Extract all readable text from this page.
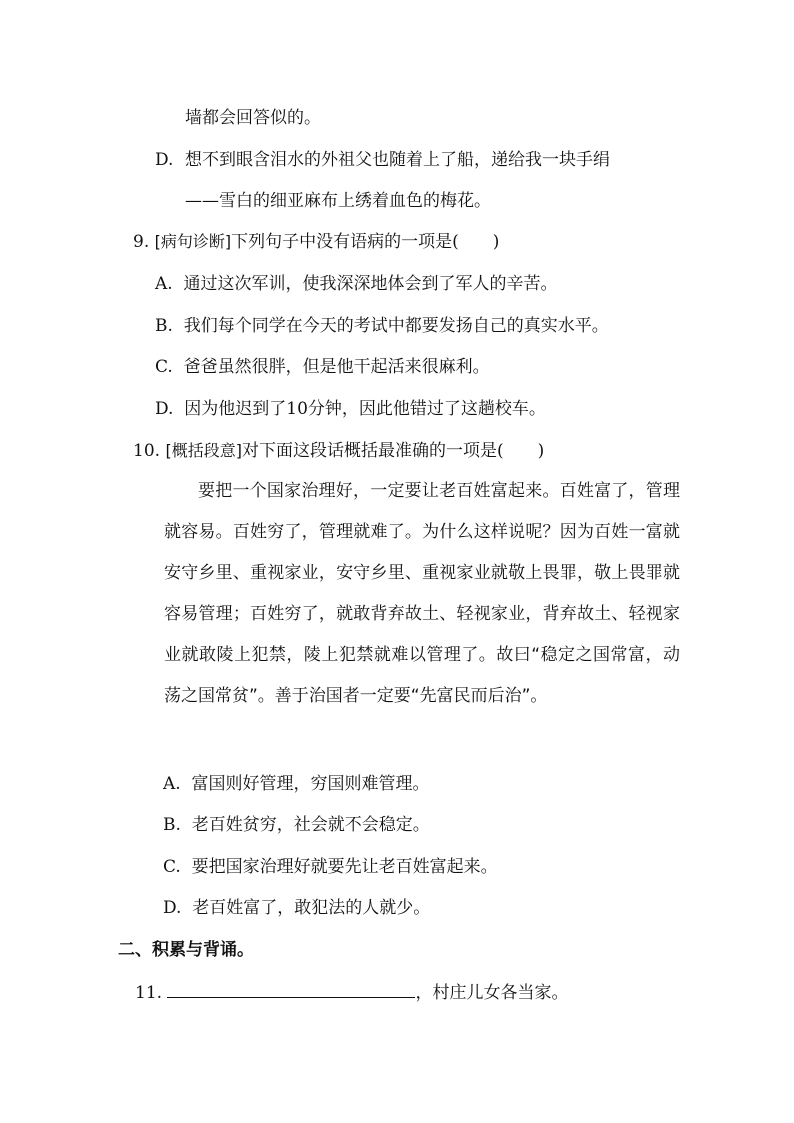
墙都会回答似的。
D. 想不到眼含泪水的外祖父也随着上了船，递给我一块手绢
——雪白的细亚麻布上绣着血色的梅花。
9. [病句诊断]下列句子中没有语病的一项是(　　)
A. 通过这次军训，使我深深地体会到了军人的辛苦。
B. 我们每个同学在今天的考试中都要发扬自己的真实水平。
C. 爸爸虽然很胖，但是他干起活来很麻利。
D. 因为他迟到了10分钟，因此他错过了这趟校车。
10. [概括段意]对下面这段话概括最准确的一项是(　　)
要把一个国家治理好，一定要让老百姓富起来。百姓富了，管理就容易。百姓穷了，管理就难了。为什么这样说呢？因为百姓一富就安守乡里、重视家业，安守乡里、重视家业就敬上畏罪，敬上畏罪就容易管理；百姓穷了，就敢背弃故土、轻视家业，背弃故土、轻视家业就敢陵上犯禁，陵上犯禁就难以管理了。故曰“稳定之国常富，动荡之国常贫”。善于治国者一定要“先富民而后治”。
A. 富国则好管理，穷国则难管理。
B. 老百姓贫穷，社会就不会稳定。
C. 要把国家治理好就要先让老百姓富起来。
D. 老百姓富了，敢犯法的人就少。
二、积累与背诵。
11.	，村庄儿女各当家。
